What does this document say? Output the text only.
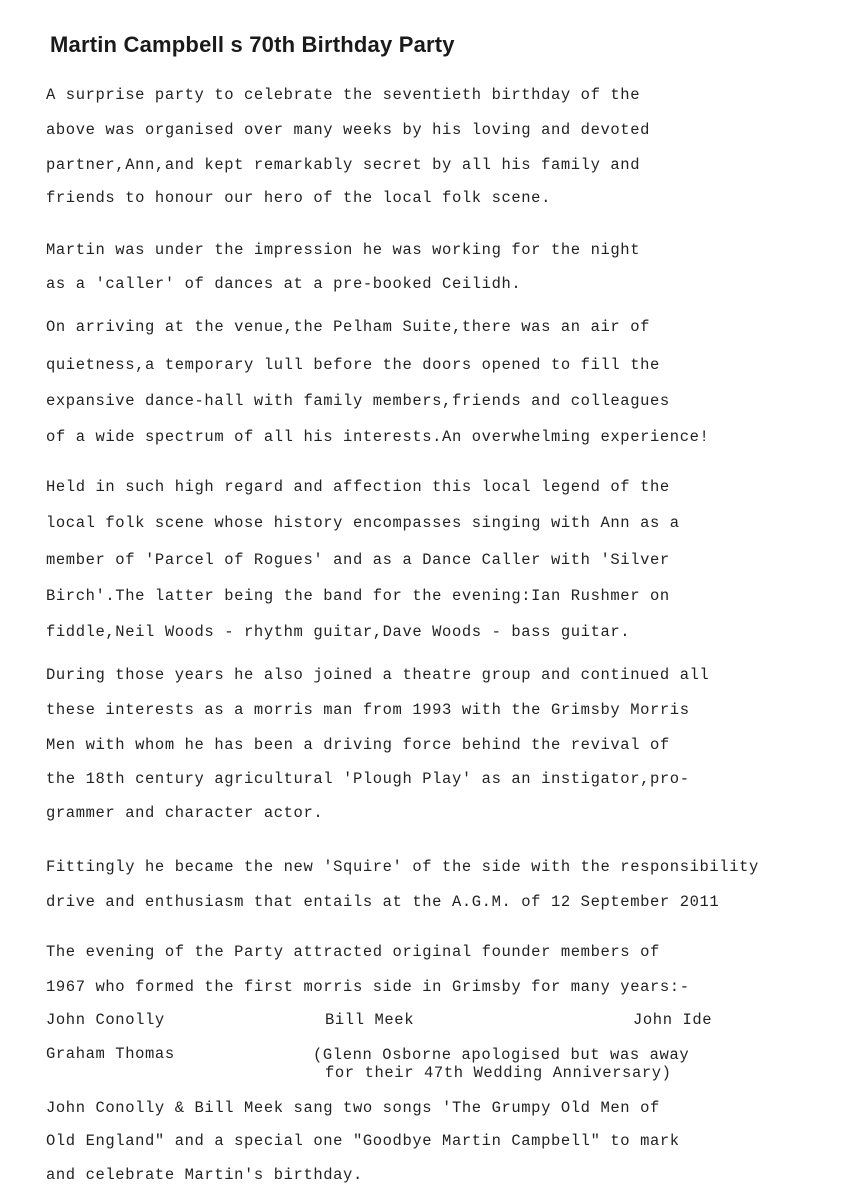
Martin Campbell s 70th Birthday Party
A surprise party to celebrate the seventieth birthday of the
above was organised over many weeks by his loving and devoted
partner,Ann,and kept remarkably secret by all his family and
friends to honour our hero of the local folk scene.
Martin was under the impression he was working for the night
as a 'caller' of dances at a pre-booked Ceilidh.
On arriving at the venue,the Pelham Suite,there was an air of
quietness,a temporary lull before the doors opened to fill the
expansive dance-hall with family members,friends and colleagues
of a wide spectrum of all his interests.An overwhelming experience!
Held in such high regard and affection this local legend of the
local folk scene whose history encompasses singing with Ann as a
member of 'Parcel of Rogues' and as a Dance Caller with 'Silver
Birch'.The latter being the band for the evening:Ian Rushmer on
fiddle,Neil Woods - rhythm guitar,Dave Woods - bass guitar.
During those years he also joined a theatre group and continued all
these interests as a morris man from 1993 with the Grimsby Morris
Men with whom he has been a driving force behind the revival of
the 18th century agricultural 'Plough Play' as an instigator,pro-
grammer and character actor.
Fittingly he became the new 'Squire' of the side with the responsibility
drive and enthusiasm that entails at the A.G.M. of 12 September 2011
The evening of the Party attracted original founder members of
1967 who formed the first morris side in Grimsby for many years:-
John Conolly	Bill Meek	John Ide
Graham Thomas	(Glenn Osborne apologised but was away
for their 47th Wedding Anniversary)
John Conolly & Bill Meek sang two songs 'The Grumpy Old Men of
Old England" and a special one "Goodbye Martin Campbell" to mark
and celebrate Martin's birthday.
